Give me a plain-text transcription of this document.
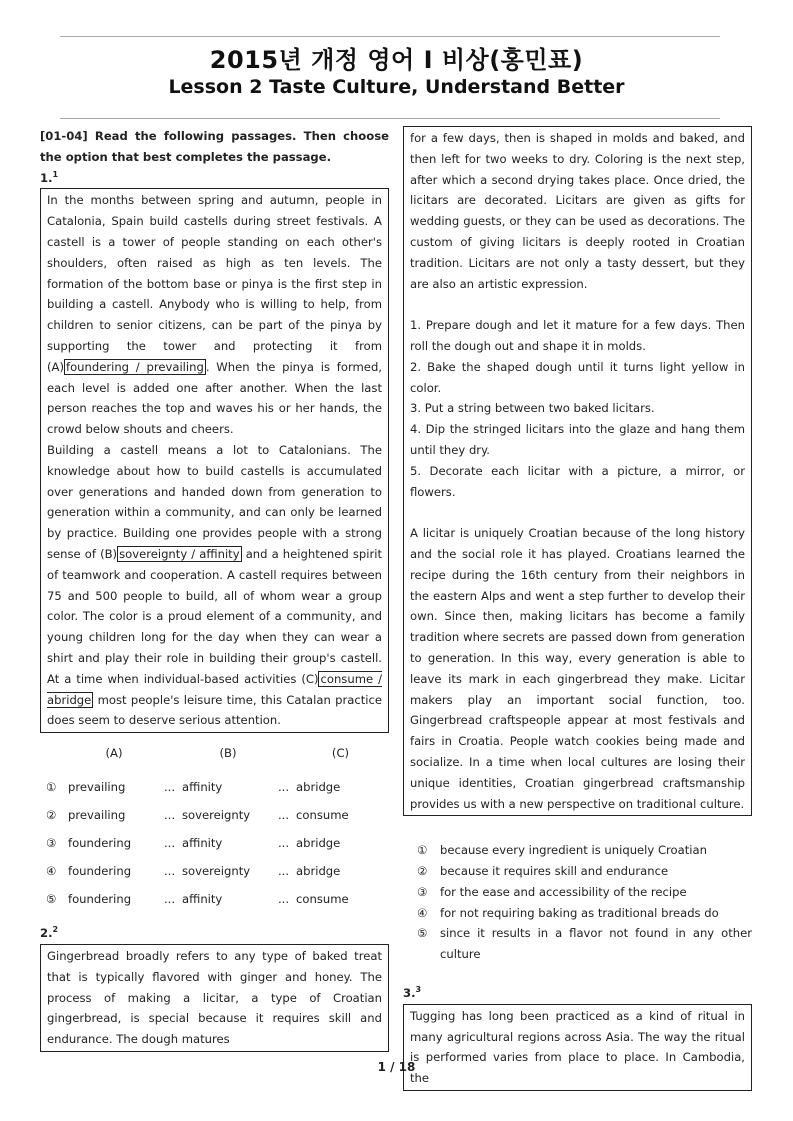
2015년 개정 영어 I 비상(홍민표)
Lesson 2 Taste Culture, Understand Better
[01-04] Read the following passages. Then choose the option that best completes the passage.
1.$^1$
In the months between spring and autumn, people in Catalonia, Spain build castells during street festivals. A castell is a tower of people standing on each other's shoulders, often raised as high as ten levels. The formation of the bottom base or pinya is the first step in building a castell. Anybody who is willing to help, from children to senior citizens, can be part of the pinya by supporting the tower and protecting it from (A) foundering / prevailing . When the pinya is formed, each level is added one after another. When the last person reaches the top and waves his or her hands, the crowd below shouts and cheers.
Building a castell means a lot to Catalonians. The knowledge about how to build castells is accumulated over generations and handed down from generation to generation within a community, and can only be learned by practice. Building one provides people with a strong sense of (B) sovereignty / affinity and a heightened spirit of teamwork and cooperation. A castell requires between 75 and 500 people to build, all of whom wear a group color. The color is a proud element of a community, and young children long for the day when they can wear a shirt and play their role in building their group's castell. At a time when individual-based activities (C) consume / abridge most people's leisure time, this Catalan practice does seem to deserve serious attention.
	(A)		(B)		(C)
①	prevailing	...	affinity	...	abridge
②	prevailing	...	sovereignty	...	consume
③	foundering	...	affinity	...	abridge
④	foundering	...	sovereignty	...	abridge
⑤	foundering	...	affinity	...	consume
2.$^2$
Gingerbread broadly refers to any type of baked treat that is typically flavored with ginger and honey. The process of making a licitar, a type of Croatian gingerbread, is special because it requires skill and endurance. The dough matures
for a few days, then is shaped in molds and baked, and then left for two weeks to dry. Coloring is the next step, after which a second drying takes place. Once dried, the licitars are decorated. Licitars are given as gifts for wedding guests, or they can be used as decorations. The custom of giving licitars is deeply rooted in Croatian tradition. Licitars are not only a tasty dessert, but they are also an artistic expression.
1. Prepare dough and let it mature for a few days. Then roll the dough out and shape it in molds.
2. Bake the shaped dough until it turns light yellow in color.
3. Put a string between two baked licitars.
4. Dip the stringed licitars into the glaze and hang them until they dry.
5. Decorate each licitar with a picture, a mirror, or flowers.
A licitar is uniquely Croatian because of the long history and the social role it has played. Croatians learned the recipe during the 16th century from their neighbors in the eastern Alps and went a step further to develop their own. Since then, making licitars has become a family tradition where secrets are passed down from generation to generation. In this way, every generation is able to leave its mark in each gingerbread they make. Licitar makers play an important social function, too. Gingerbread craftspeople appear at most festivals and fairs in Croatia. People watch cookies being made and socialize. In a time when local cultures are losing their unique identities, Croatian gingerbread craftsmanship provides us with a new perspective on traditional culture.
①	because every ingredient is uniquely Croatian
②	because it requires skill and endurance
③	for the ease and accessibility of the recipe
④	for not requiring baking as traditional breads do
⑤	since it results in a flavor not found in any other culture
3.$^3$
Tugging has long been practiced as a kind of ritual in many agricultural regions across Asia. The way the ritual is performed varies from place to place. In Cambodia, the
1 / 18
